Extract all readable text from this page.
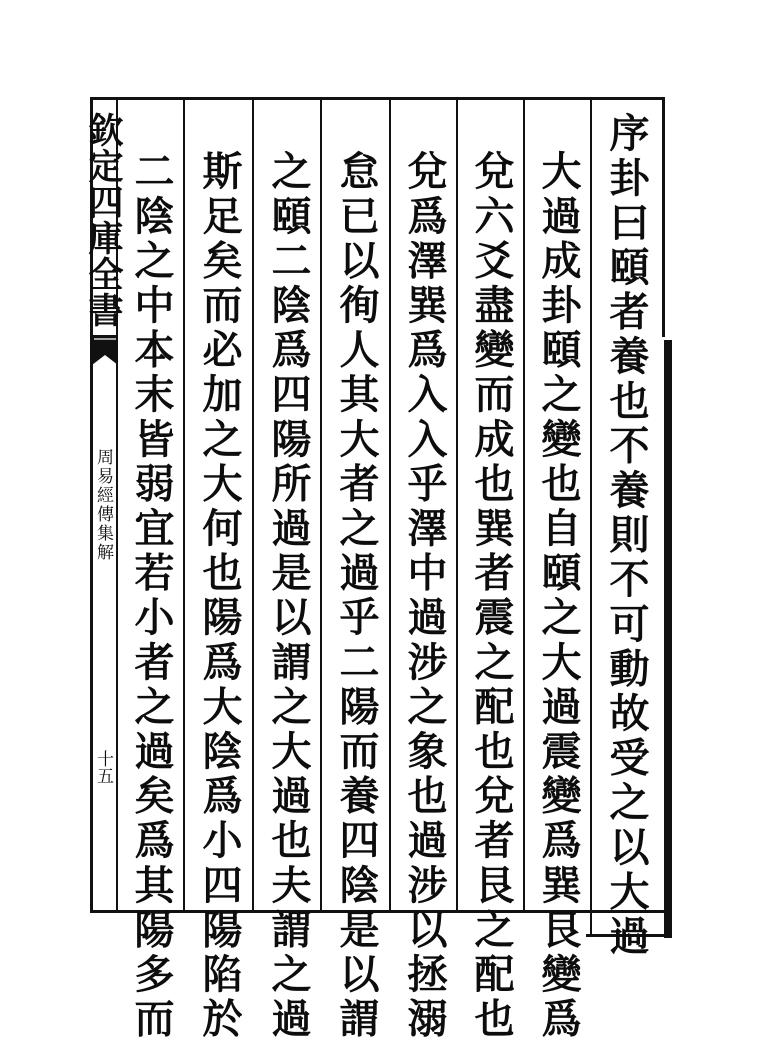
欽定四庫全書
周易經傳集解
十五	序卦曰頤者養也不養則不可動故受之以大過
大過成卦頤之變也自頤之大過震變爲巽艮變爲
兌六爻盡變而成也巽者震之配也兌者艮之配也
兌爲澤巽爲入入乎澤中過涉之象也過涉以拯溺
怠已以徇人其大者之過乎二陽而養四陰是以謂
之頤二陰爲四陽所過是以謂之大過也夫謂之過
斯足矣而必加之大何也陽爲大陰爲小四陽陷於
二陰之中本末皆弱宜若小者之過矣爲其陽多而
